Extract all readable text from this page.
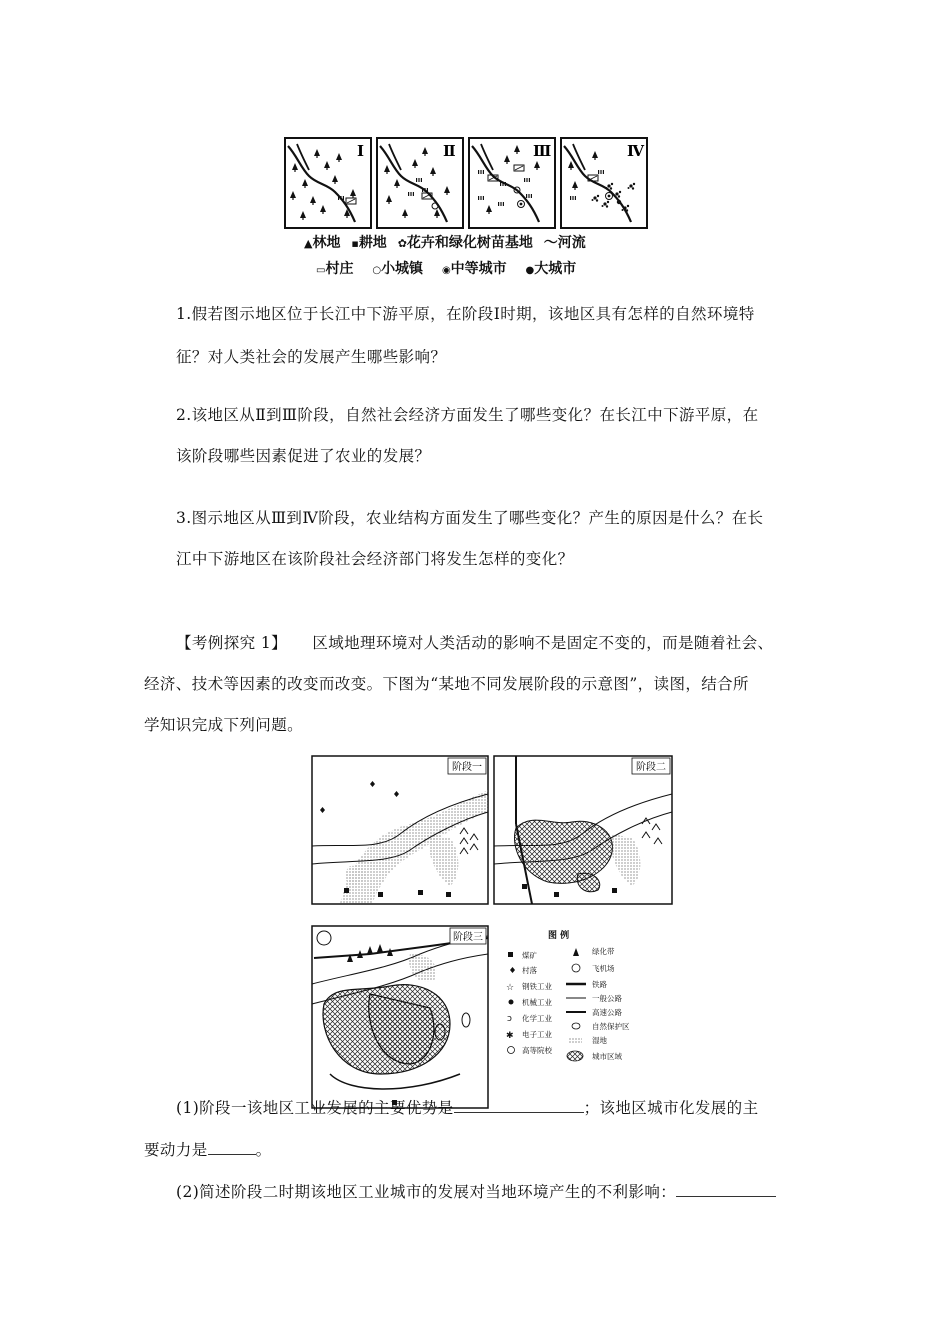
Ⅰ	Ⅱ	Ⅲ	Ⅳ
▲林地 ▪耕地 ✿花卉和绿化树苗基地 〜河流
▭村庄 ○小城镇 ◉中等城市 ●大城市
1.假若图示地区位于长江中下游平原，在阶段Ⅰ时期，该地区具有怎样的自然环境特
征？对人类社会的发展产生哪些影响？
2.该地区从Ⅱ到Ⅲ阶段，自然社会经济方面发生了哪些变化？在长江中下游平原，在
该阶段哪些因素促进了农业的发展？
3.图示地区从Ⅲ到Ⅳ阶段，农业结构方面发生了哪些变化？产生的原因是什么？在长
江中下游地区在该阶段社会经济部门将发生怎样的变化？
【考例探究 1】 区域地理环境对人类活动的影响不是固定不变的，而是随着社会、
经济、技术等因素的改变而改变。下图为“某地不同发展阶段的示意图”，读图，结合所
学知识完成下列问题。
阶段一	阶段二
阶段三	图 例
煤矿
村落
☆ 钢铁工业
机械工业
ↄ 化学工业
✱ 电子工业
高等院校
绿化带
飞机场
铁路
一般公路
高速公路
自然保护区
湿地
城市区域
(1)阶段一该地区工业发展的主要优势是	；该地区城市化发展的主
要动力是	。
(2)简述阶段二时期该地区工业城市的发展对当地环境产生的不利影响：
